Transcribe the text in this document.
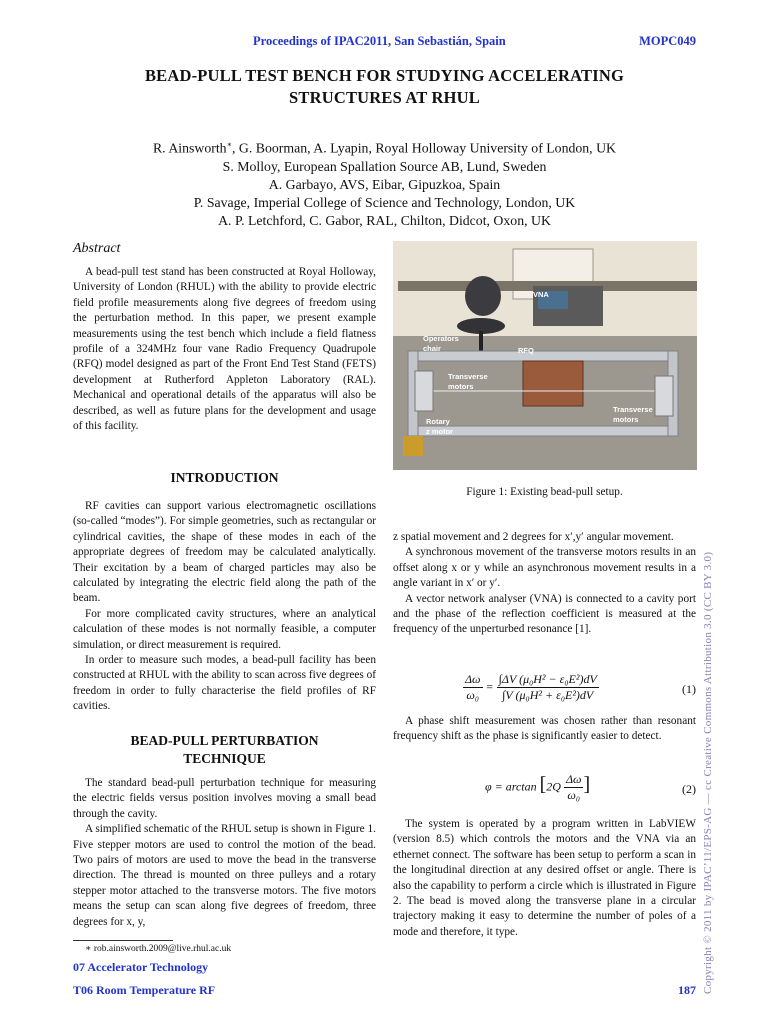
Proceedings of IPAC2011, San Sebastián, Spain	MOPC049
BEAD-PULL TEST BENCH FOR STUDYING ACCELERATING
STRUCTURES AT RHUL
R. Ainsworth∗, G. Boorman, A. Lyapin, Royal Holloway University of London, UK
S. Molloy, European Spallation Source AB, Lund, Sweden
A. Garbayo, AVS, Eibar, Gipuzkoa, Spain
P. Savage, Imperial College of Science and Technology, London, UK
A. P. Letchford, C. Gabor, RAL, Chilton, Didcot, Oxon, UK
Abstract

A bead-pull test stand has been constructed at Royal Holloway, University of London (RHUL) with the ability to provide electric field profile measurements along five degrees of freedom using the perturbation method. In this paper, we present example measurements using the test bench which include a field flatness profile of a 324MHz four vane Radio Frequency Quadrupole (RFQ) model designed as part of the Front End Test Stand (FETS) development at Rutherford Appleton Laboratory (RAL). Mechanical and operational details of the apparatus will also be described, as well as future plans for the development and usage of this facility.

INTRODUCTION

RF cavities can support various electromagnetic oscillations (so-called “modes”). For simple geometries, such as rectangular or cylindrical cavities, the shape of these modes in each of the appropriate degrees of freedom may be calculated analytically. Their excitation by a beam of charged particles may also be calculated by integrating the electric field along the path of the beam.

For more complicated cavity structures, where an analytical calculation of these modes is not normally feasible, a computer simulation, or direct measurement is required.

In order to measure such modes, a bead-pull facility has been constructed at RHUL with the ability to scan across five degrees of freedom in order to fully characterise the field profiles of RF cavities.

BEAD-PULL PERTURBATION
TECHNIQUE

The standard bead-pull perturbation technique for measuring the electric fields versus position involves moving a small bead through the cavity.

A simplified schematic of the RHUL setup is shown in Figure 1. Five stepper motors are used to control the motion of the bead. Two pairs of motors are used to move the bead in the transverse direction. The thread is mounted on three pulleys and a rotary stepper motor attached to the transverse motors. The five motors means the setup can scan along five degrees of freedom, three degrees for x, y,

∗ rob.ainsworth.2009@live.rhul.ac.uk
07 Accelerator Technology
T06 Room Temperature RF	187
VNA
Operators
chair	RFQ
Transverse
motors
Rotary
z motor
Transverse
motors
Figure 1: Existing bead-pull setup.

z spatial movement and 2 degrees for x′,y′ angular movement.

A synchronous movement of the transverse motors results in an offset along x or y while an asynchronous movement results in a angle variant in x′ or y′.

A vector network analyser (VNA) is connected to a cavity port and the phase of the reflection coefficient is measured at the frequency of the unperturbed resonance [1].

$\frac{\Delta\omega}{\text{ω₀}} = \frac{\text{∫ΔV (μ₀H² − ε₀E²)dV}}{\text{∫V (μ₀H² + ε₀E²)dV}}$	(1)

A phase shift measurement was chosen rather than resonant frequency shift as the phase is significantly easier to detect.

$\varphi = \arctan [2Q \frac{\Delta\omega}{\text{ω₀}}$ ]	(2)

The system is operated by a program written in LabVIEW (version 8.5) which controls the motors and the VNA via an ethernet connect. The software has been setup to perform a scan in the longitudinal direction at any desired offset or angle. There is also the capability to perform a circle which is illustrated in Figure 2. The bead is moved along the transverse plane in a circular trajectory making it easy to determine the number of poles of a mode and therefore, it type.	Copyright © 2011 by IPAC’11/EPS-AG — cc Creative Commons Attribution 3.0 (CC BY 3.0)
